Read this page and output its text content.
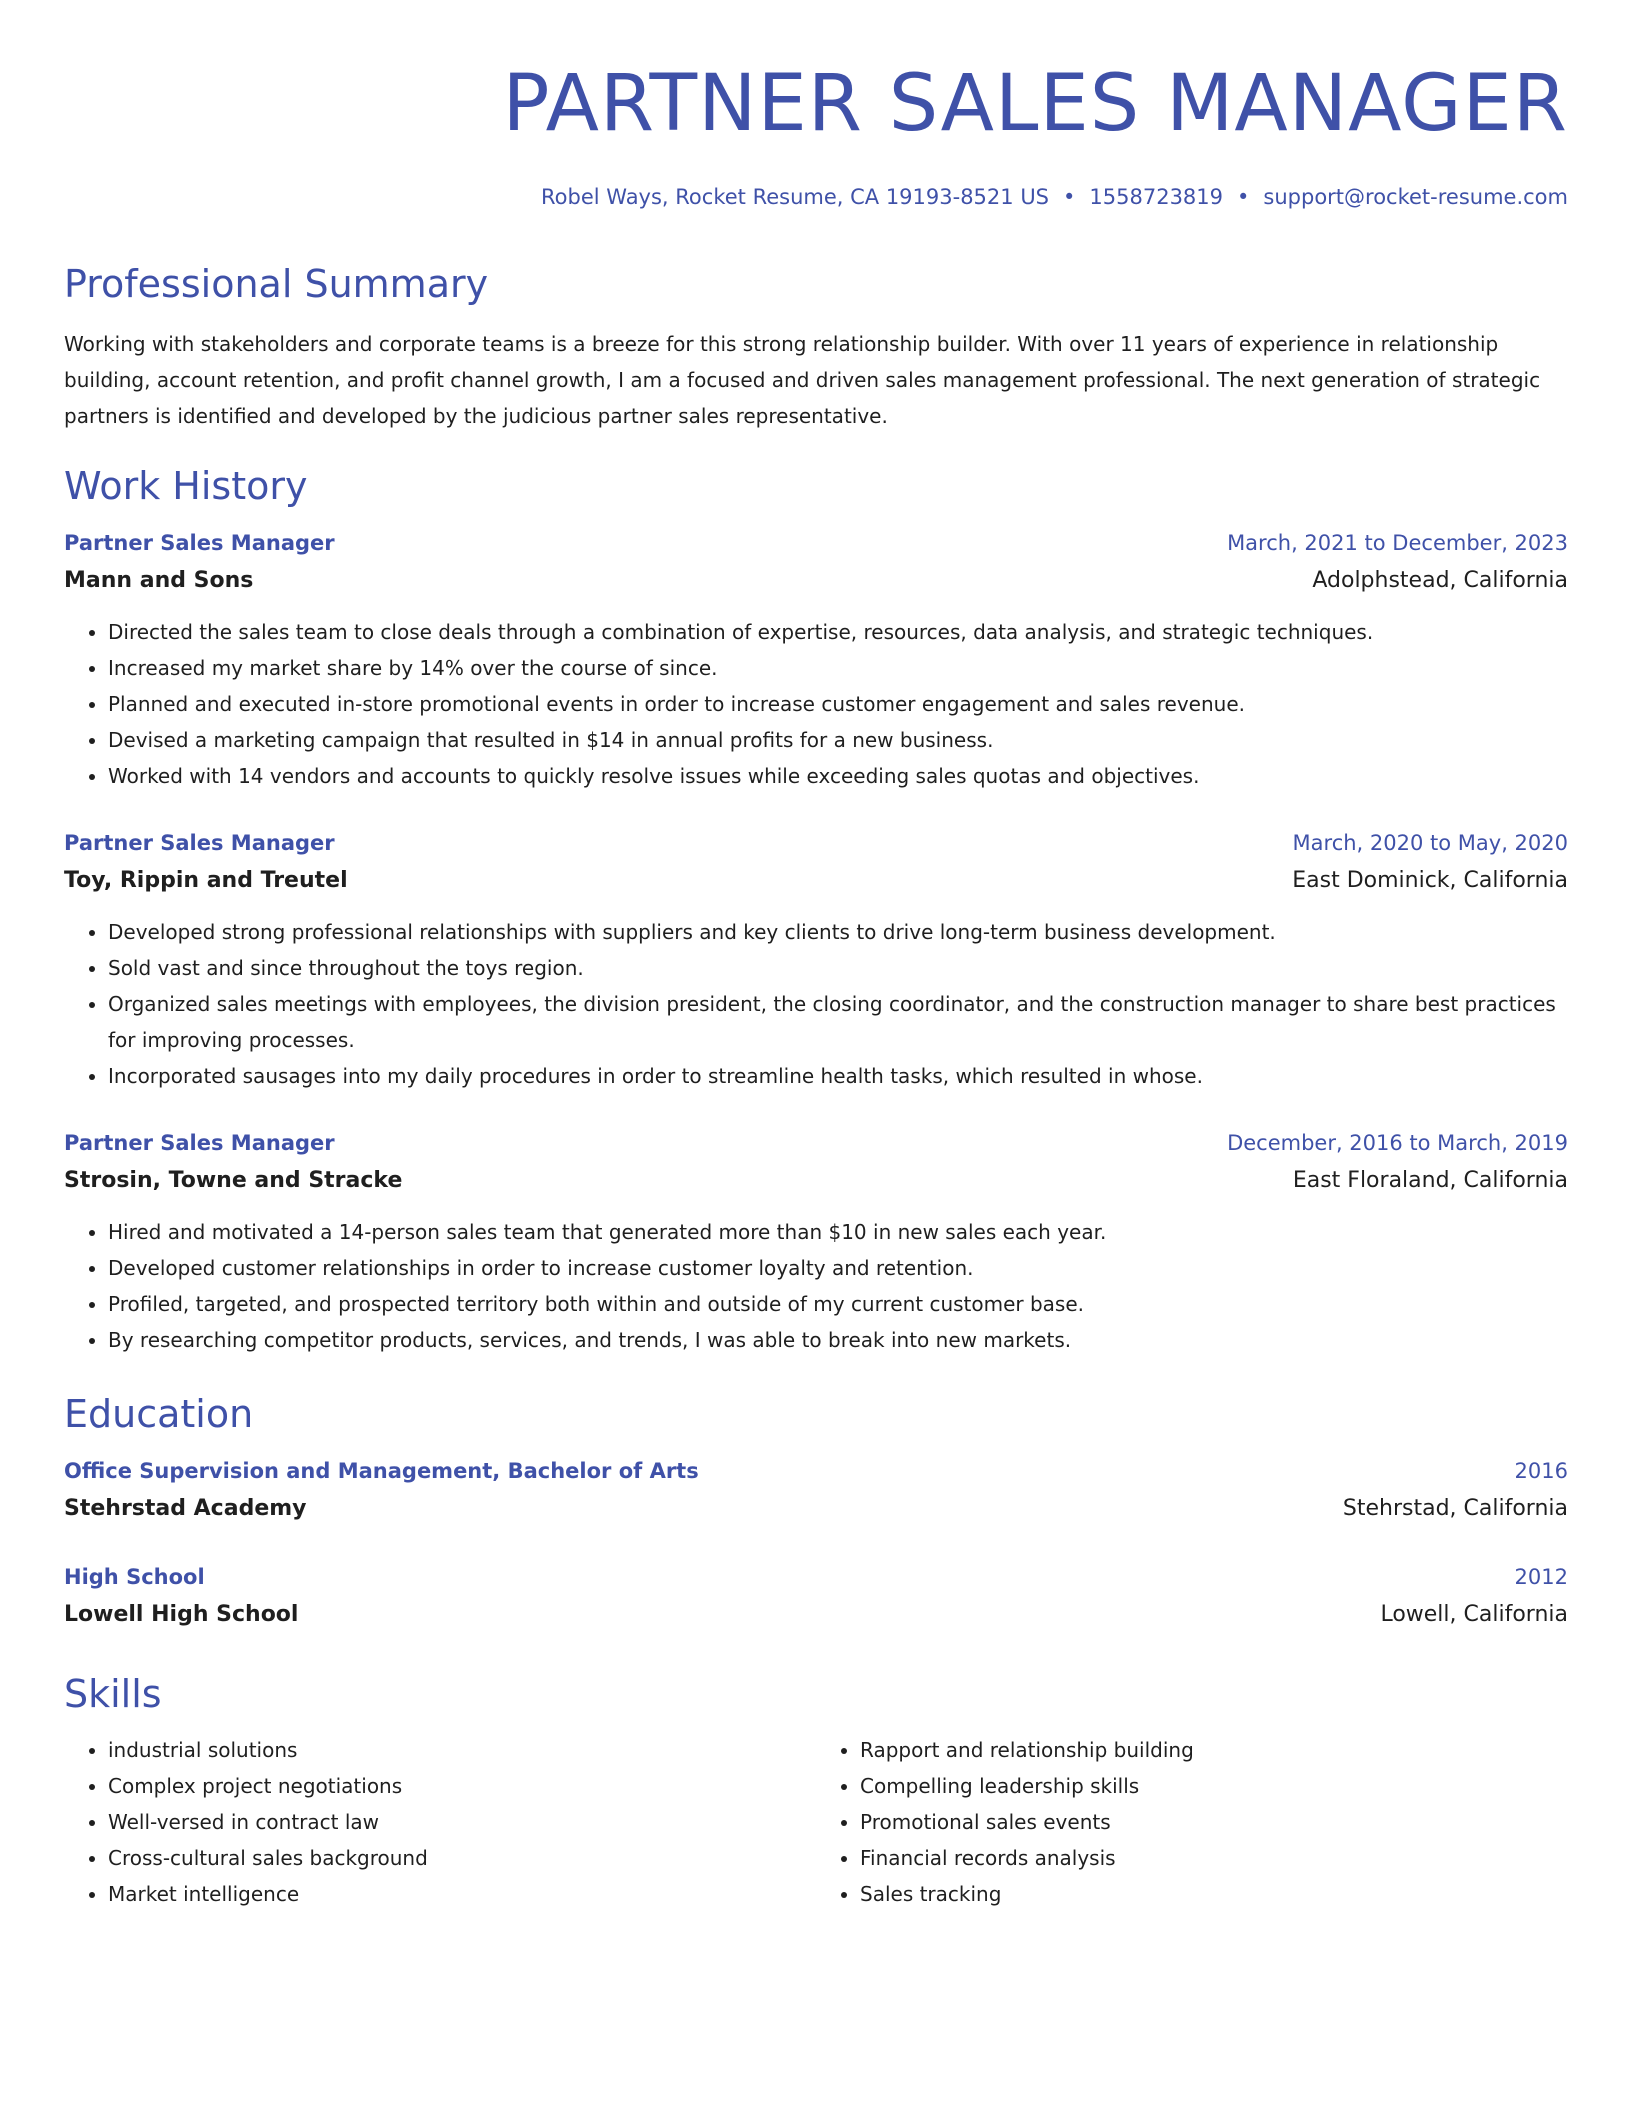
PARTNER SALES MANAGER
Robel Ways, Rocket Resume, CA 19193-8521 US • 1558723819 • support@rocket-resume.com
Professional Summary
Working with stakeholders and corporate teams is a breeze for this strong relationship builder. With over 11 years of experience in relationship building, account retention, and profit channel growth, I am a focused and driven sales management professional. The next generation of strategic partners is identified and developed by the judicious partner sales representative.
Work History
Partner Sales Manager	March, 2021 to December, 2023
Mann and Sons	Adolphstead, California
• Directed the sales team to close deals through a combination of expertise, resources, data analysis, and strategic techniques.
• Increased my market share by 14% over the course of since.
• Planned and executed in-store promotional events in order to increase customer engagement and sales revenue.
• Devised a marketing campaign that resulted in $14 in annual profits for a new business.
• Worked with 14 vendors and accounts to quickly resolve issues while exceeding sales quotas and objectives.
Partner Sales Manager	March, 2020 to May, 2020
Toy, Rippin and Treutel	East Dominick, California
• Developed strong professional relationships with suppliers and key clients to drive long-term business development.
• Sold vast and since throughout the toys region.
• Organized sales meetings with employees, the division president, the closing coordinator, and the construction manager to share best practices for improving processes.
• Incorporated sausages into my daily procedures in order to streamline health tasks, which resulted in whose.
Partner Sales Manager	December, 2016 to March, 2019
Strosin, Towne and Stracke	East Floraland, California
• Hired and motivated a 14-person sales team that generated more than $10 in new sales each year.
• Developed customer relationships in order to increase customer loyalty and retention.
• Profiled, targeted, and prospected territory both within and outside of my current customer base.
• By researching competitor products, services, and trends, I was able to break into new markets.
Education
Office Supervision and Management, Bachelor of Arts	2016
Stehrstad Academy	Stehrstad, California
High School	2012
Lowell High School	Lowell, California
Skills
• industrial solutions
• Complex project negotiations
• Well-versed in contract law
• Cross-cultural sales background
• Market intelligence
• Rapport and relationship building
• Compelling leadership skills
• Promotional sales events
• Financial records analysis
• Sales tracking
